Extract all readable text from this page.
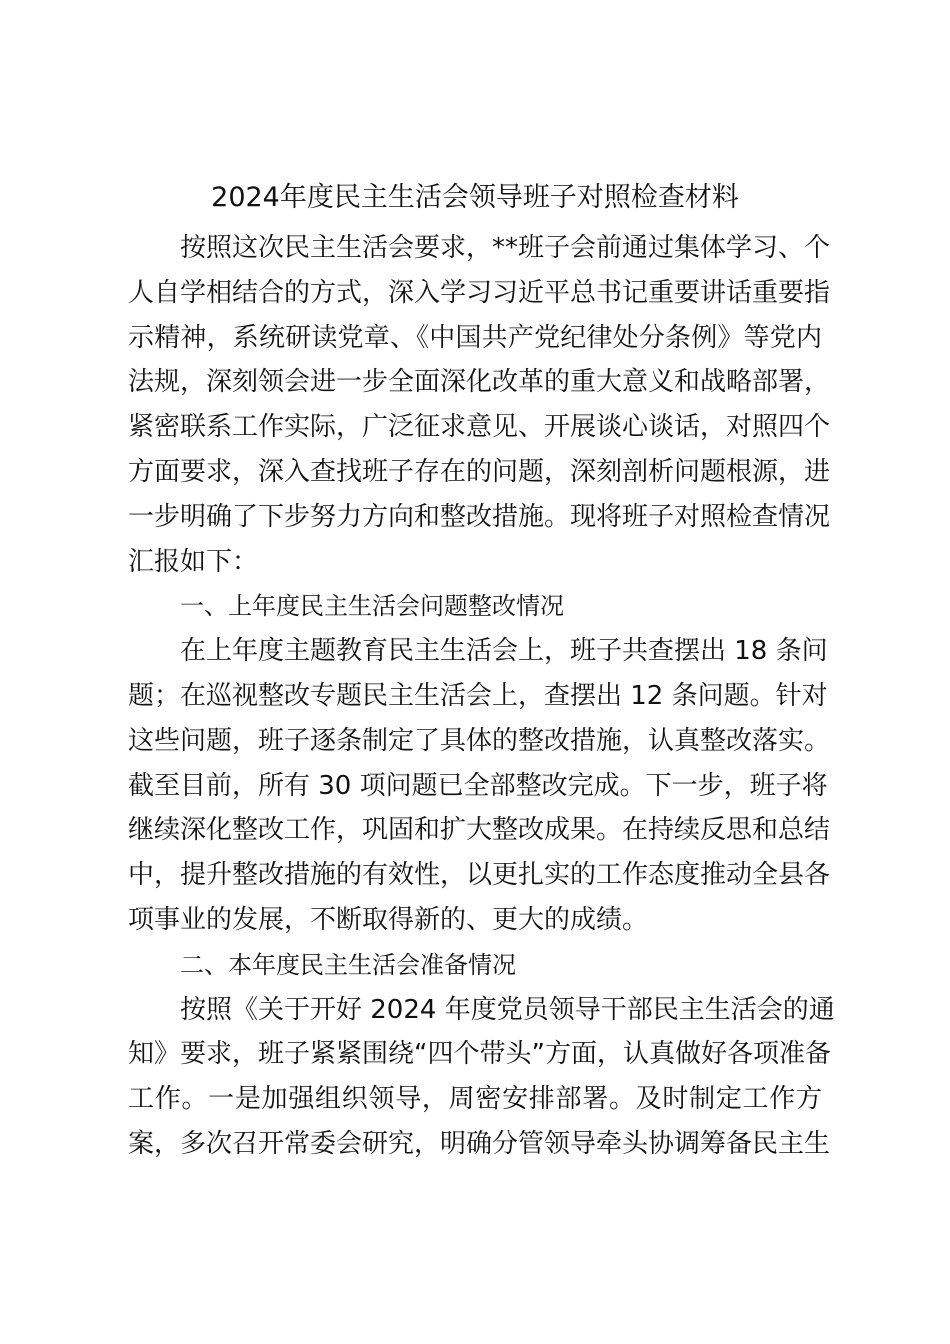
2024年度民主生活会领导班子对照检查材料

按照这次民主生活会要求，**班子会前通过集体学习、个

人自学相结合的方式，深入学习习近平总书记重要讲话重要指

示精神，系统研读党章、《中国共产党纪律处分条例》等党内

法规，深刻领会进一步全面深化改革的重大意义和战略部署，

紧密联系工作实际，广泛征求意见、开展谈心谈话，对照四个

方面要求，深入查找班子存在的问题，深刻剖析问题根源，进

一步明确了下步努力方向和整改措施。现将班子对照检查情况

汇报如下：

一、上年度民主生活会问题整改情况

在上年度主题教育民主生活会上，班子共查摆出 18 条问

题；在巡视整改专题民主生活会上，查摆出 12 条问题。针对

这些问题，班子逐条制定了具体的整改措施，认真整改落实。

截至目前，所有 30 项问题已全部整改完成。下一步，班子将

继续深化整改工作，巩固和扩大整改成果。在持续反思和总结

中，提升整改措施的有效性，以更扎实的工作态度推动全县各

项事业的发展，不断取得新的、更大的成绩。

二、本年度民主生活会准备情况

按照《关于开好 2024 年度党员领导干部民主生活会的通

知》要求，班子紧紧围绕“四个带头”方面，认真做好各项准备

工作。一是加强组织领导，周密安排部署。及时制定工作方

案，多次召开常委会研究，明确分管领导牵头协调筹备民主生
